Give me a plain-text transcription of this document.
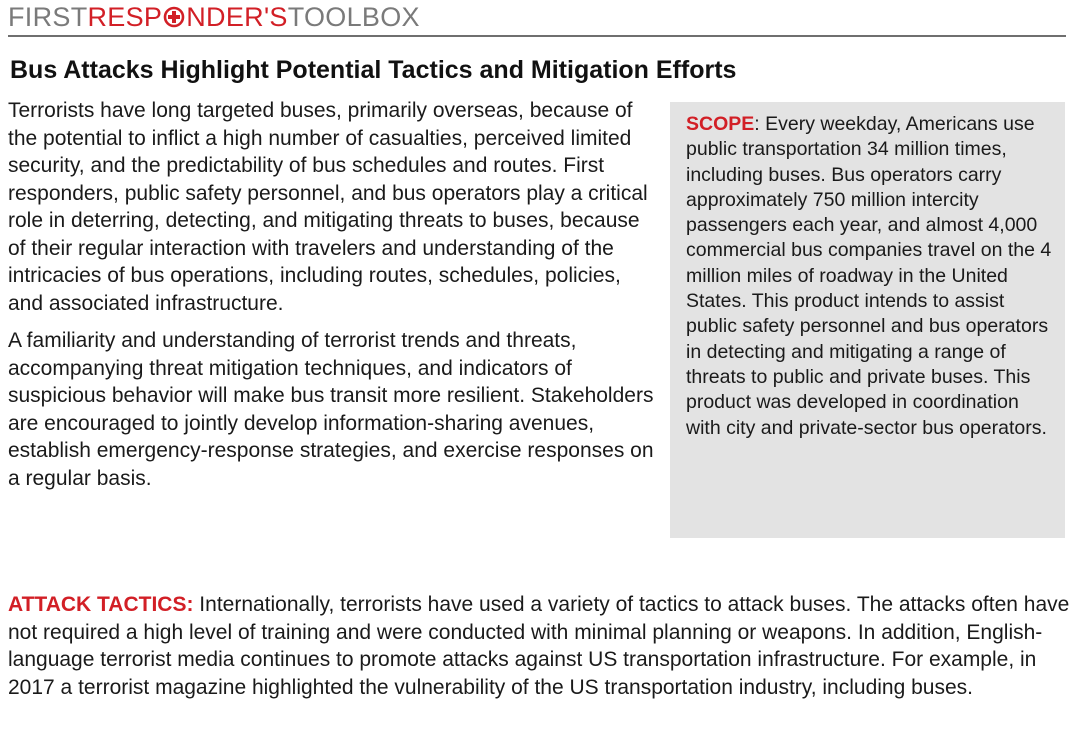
FIRSTRESP NDER'STOOLBOX
Bus Attacks Highlight Potential Tactics and Mitigation Efforts

Terrorists have long targeted buses, primarily overseas, because of the potential to inflict a high number of casualties, perceived limited security, and the predictability of bus schedules and routes. First responders, public safety personnel, and bus operators play a critical role in deterring, detecting, and mitigating threats to buses, because of their regular interaction with travelers and understanding of the intricacies of bus operations, including routes, schedules, policies, and associated infrastructure.

A familiarity and understanding of terrorist trends and threats, accompanying threat mitigation techniques, and indicators of suspicious behavior will make bus transit more resilient. Stakeholders are encouraged to jointly develop information-sharing avenues, establish emergency-response strategies, and exercise responses on a regular basis.

SCOPE: Every weekday, Americans use public transportation 34 million times, including buses. Bus operators carry approximately 750 million intercity passengers each year, and almost 4,000 commercial bus companies travel on the 4 million miles of roadway in the United States. This product intends to assist public safety personnel and bus operators in detecting and mitigating a range of threats to public and private buses. This product was developed in coordination with city and private-sector bus operators.
ATTACK TACTICS: Internationally, terrorists have used a variety of tactics to attack buses. The attacks often have not required a high level of training and were conducted with minimal planning or weapons. In addition, English-language terrorist media continues to promote attacks against US transportation infrastructure. For example, in 2017 a terrorist magazine highlighted the vulnerability of the US transportation industry, including buses.
